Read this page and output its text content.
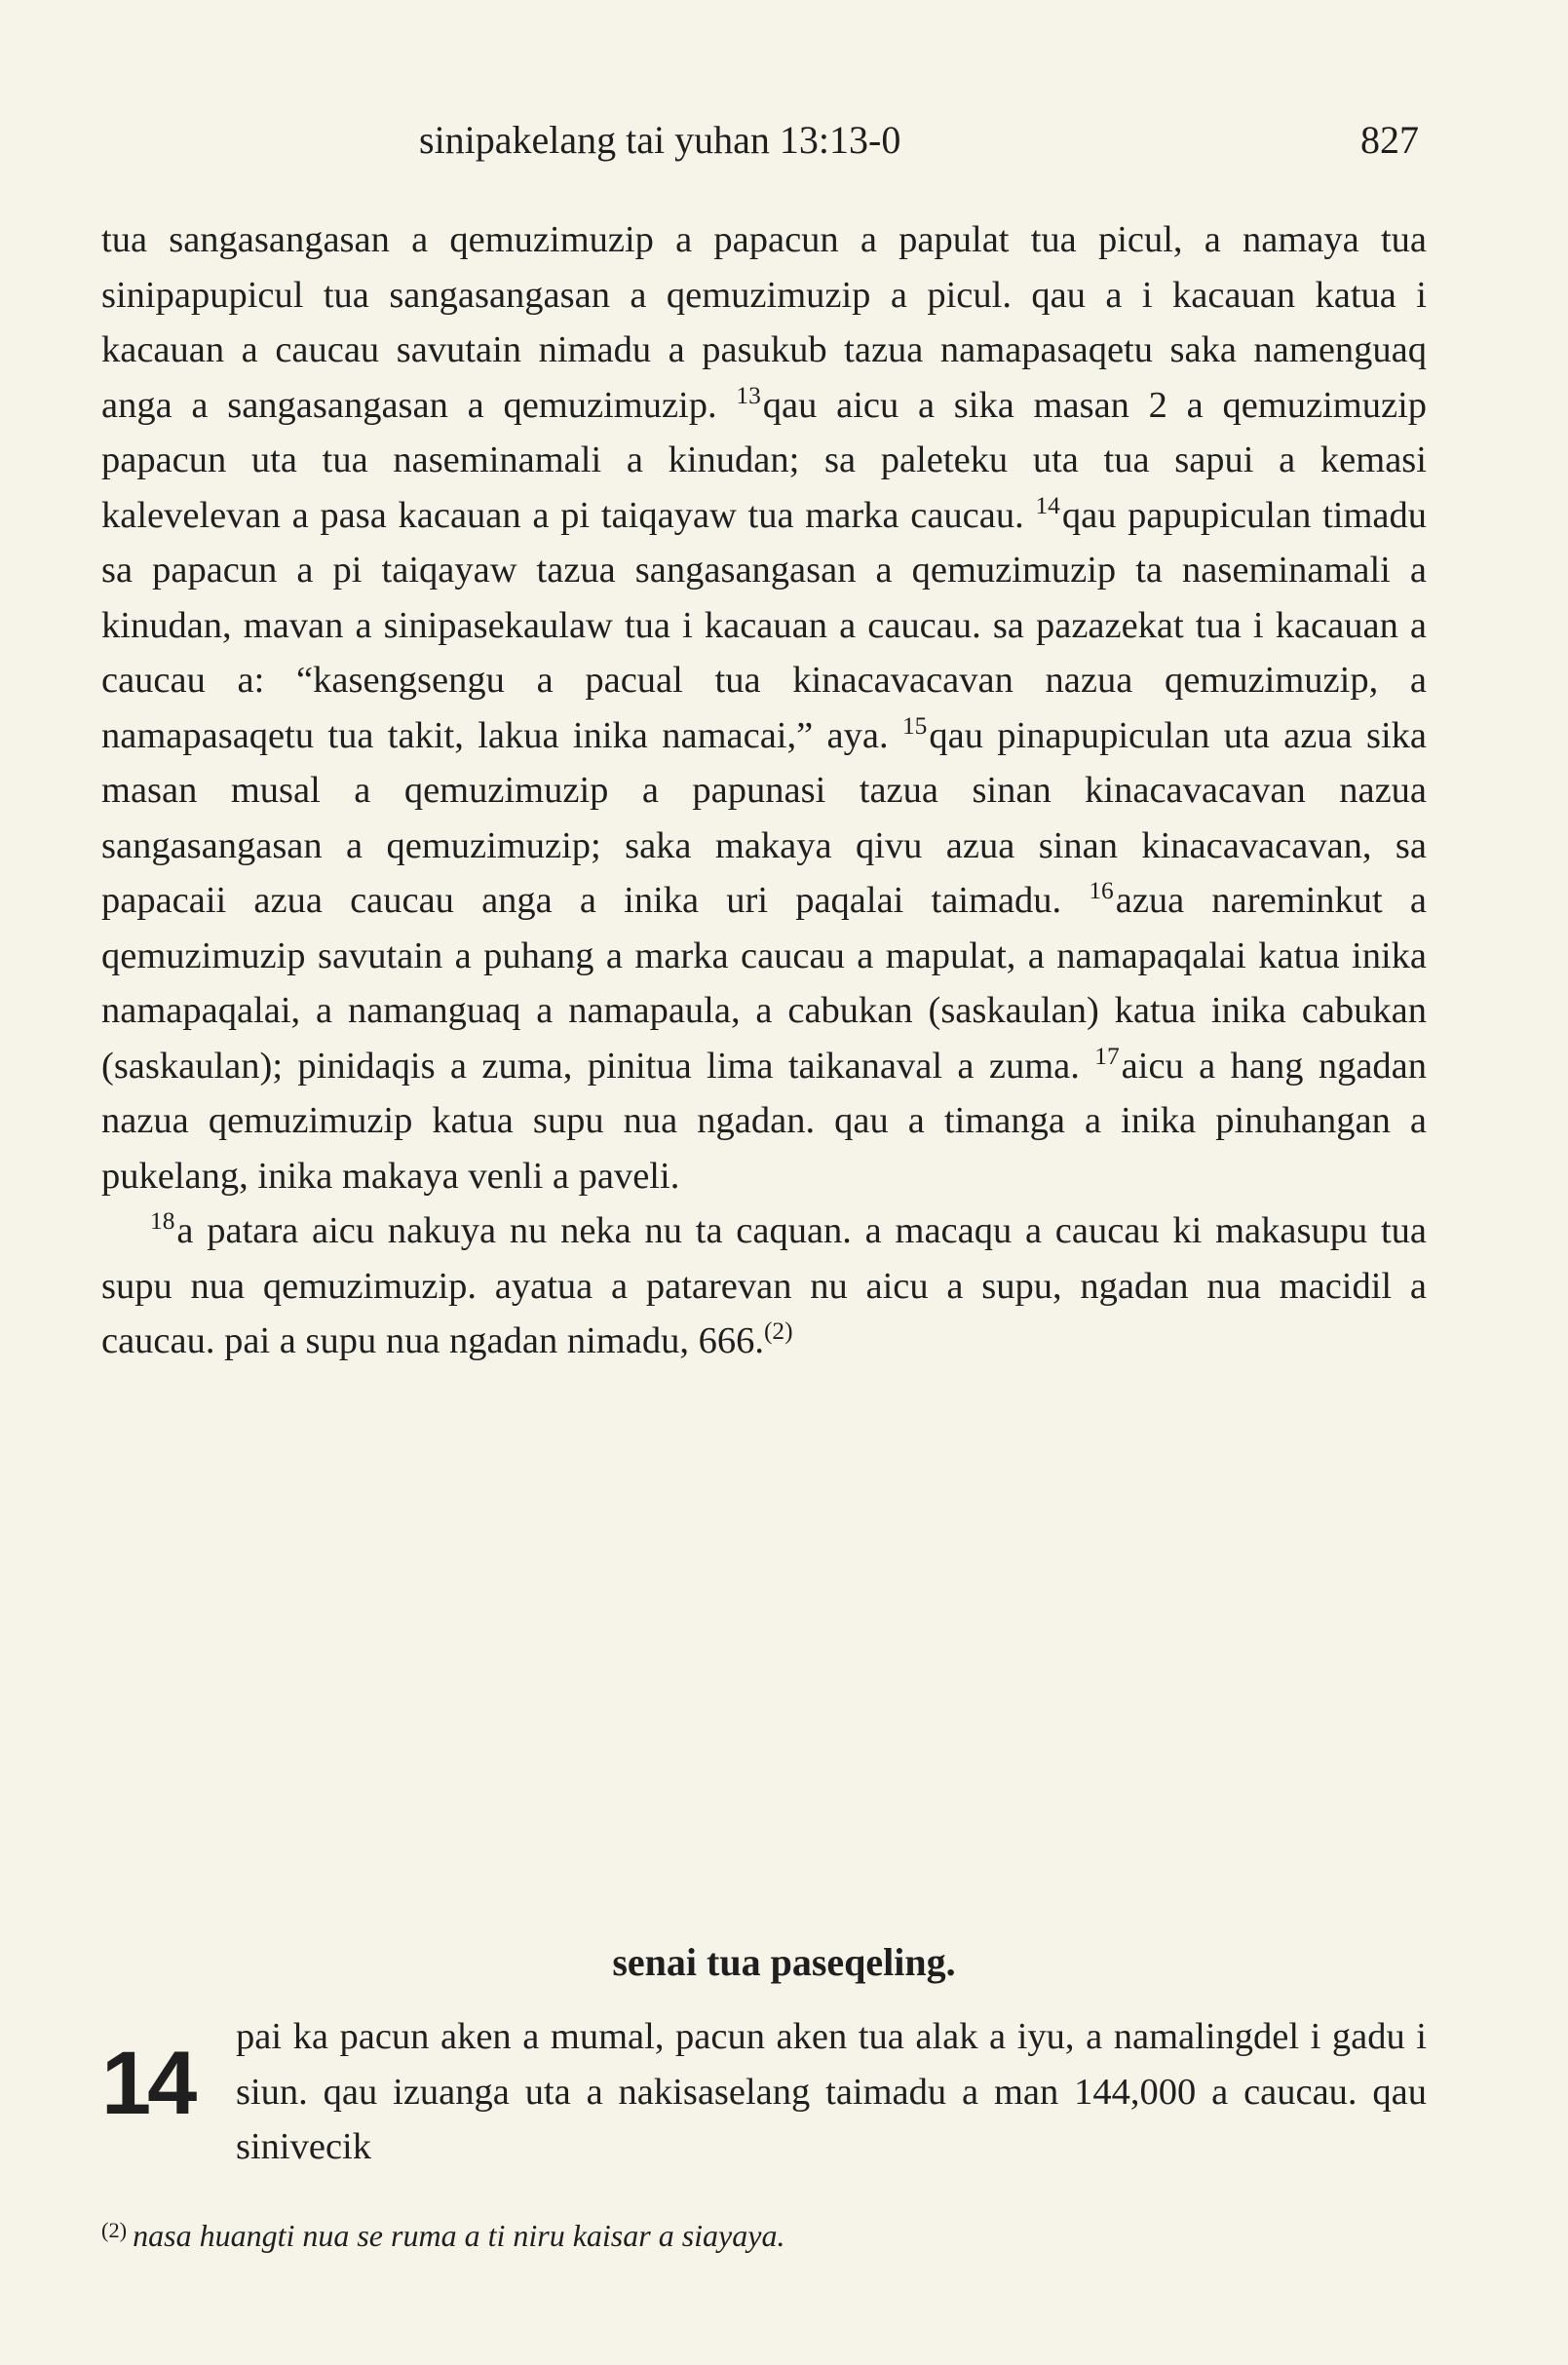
sinipakelang tai yuhan 13:13-0	827

tua sangasangasan a qemuzimuzip a papacun a papulat tua picul, a namaya tua sinipapupicul tua sangasangasan a qemuzimuzip a picul. qau a i kacauan katua i kacauan a caucau savutain nimadu a pasukub tazua namapasaqetu saka namenguaq anga a sangasangasan a qemuzimuzip. $^{13}$qau aicu a sika masan 2 a qemuzimuzip papacun uta tua naseminamali a kinudan; sa paleteku uta tua sapui a kemasi kalevelevan a pasa kacauan a pi taiqayaw tua marka caucau. $^{14}$qau papupiculan timadu sa papacun a pi taiqayaw tazua sangasangasan a qemuzimuzip ta naseminamali a kinudan, mavan a sinipasekaulaw tua i kacauan a caucau. sa pazazekat tua i kacauan a caucau a: “kasengsengu a pacual tua kinacavacavan nazua qemuzimuzip, a namapasaqetu tua takit, lakua inika namacai,” aya. $^{15}$qau pinapupiculan uta azua sika masan musal a qemuzimuzip a papunasi tazua sinan kinacavacavan nazua sangasangasan a qemuzimuzip; saka makaya qivu azua sinan kinacavacavan, sa papacaii azua caucau anga a inika uri paqalai taimadu. $^{16}$azua nareminkut a qemuzimuzip savutain a puhang a marka caucau a mapulat, a namapaqalai katua inika namapaqalai, a namanguaq a namapaula, a cabukan (saskaulan) katua inika cabukan (saskaulan); pinidaqis a zuma, pinitua lima taikanaval a zuma. $^{17}$aicu a hang ngadan nazua qemuzimuzip katua supu nua ngadan. qau a timanga a inika pinuhangan a pukelang, inika makaya venli a paveli.

$^{18}$a patara aicu nakuya nu neka nu ta caquan. a macaqu a caucau ki makasupu tua supu nua qemuzimuzip. ayatua a patarevan nu aicu a supu, ngadan nua macidil a caucau. pai a supu nua ngadan nimadu, 666.$^{(2)}$

senai tua paseqeling.
14	pai ka pacun aken a mumal, pacun aken tua alak a iyu, a namalingdel i gadu i siun. qau izuanga uta a nakisaselang taimadu a man 144,000 a caucau. qau sinivecik
$^{(2)}$ nasa huangti nua se ruma a ti niru kaisar a siayaya.
